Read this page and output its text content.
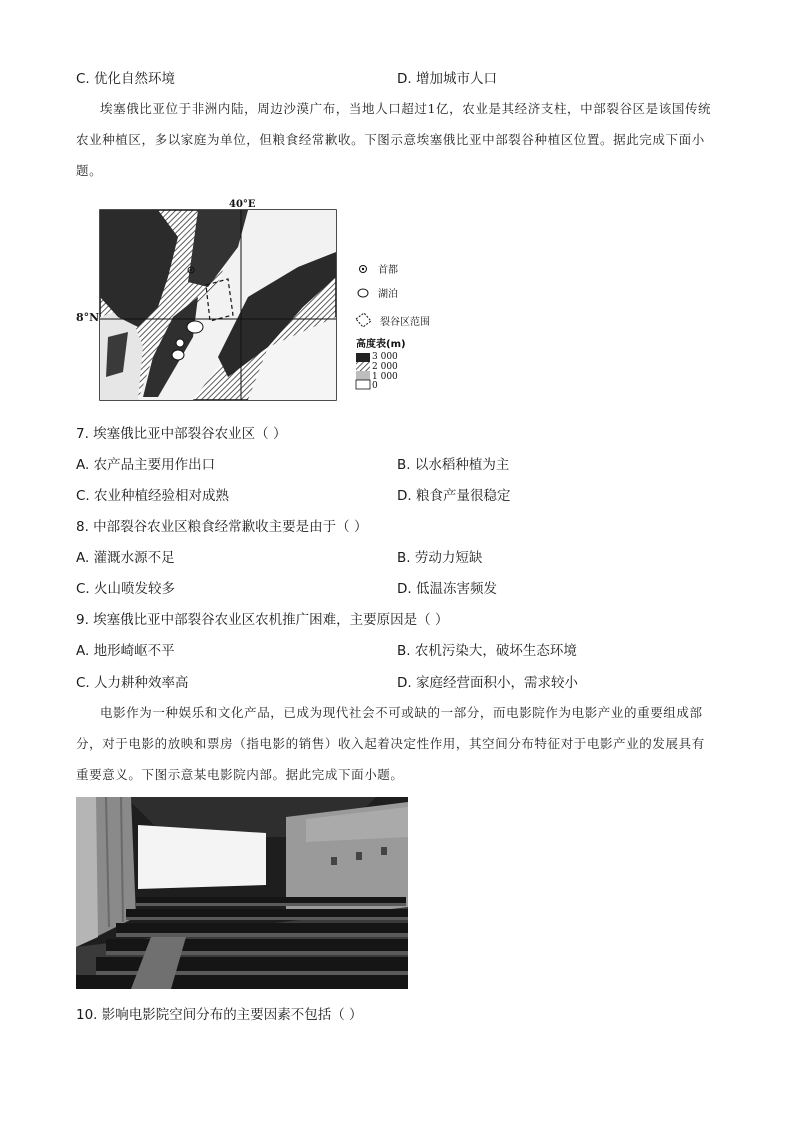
C. 优化自然环境	D. 增加城市人口
埃塞俄比亚位于非洲内陆，周边沙漠广布，当地人口超过1亿，农业是其经济支柱，中部裂谷区是该国传统农业种植区，多以家庭为单位，但粮食经常歉收。下图示意埃塞俄比亚中部裂谷种植区位置。据此完成下面小题。
40°E
首都
湖泊
裂谷区范围
高度表(m)
3 000
2 000
1 000
0
8°N
7. 埃塞俄比亚中部裂谷农业区（ ）
A. 农产品主要用作出口	B. 以水稻种植为主
C. 农业种植经验相对成熟	D. 粮食产量很稳定
8. 中部裂谷农业区粮食经常歉收主要是由于（ ）
A. 灌溉水源不足	B. 劳动力短缺
C. 火山喷发较多	D. 低温冻害频发
9. 埃塞俄比亚中部裂谷农业区农机推广困难，主要原因是（ ）
A. 地形崎岖不平	B. 农机污染大，破坏生态环境
C. 人力耕种效率高	D. 家庭经营面积小，需求较小
电影作为一种娱乐和文化产品，已成为现代社会不可或缺的一部分，而电影院作为电影产业的重要组成部分，对于电影的放映和票房（指电影的销售）收入起着决定性作用，其空间分布特征对于电影产业的发展具有重要意义。下图示意某电影院内部。据此完成下面小题。
10. 影响电影院空间分布的主要因素不包括（ ）
